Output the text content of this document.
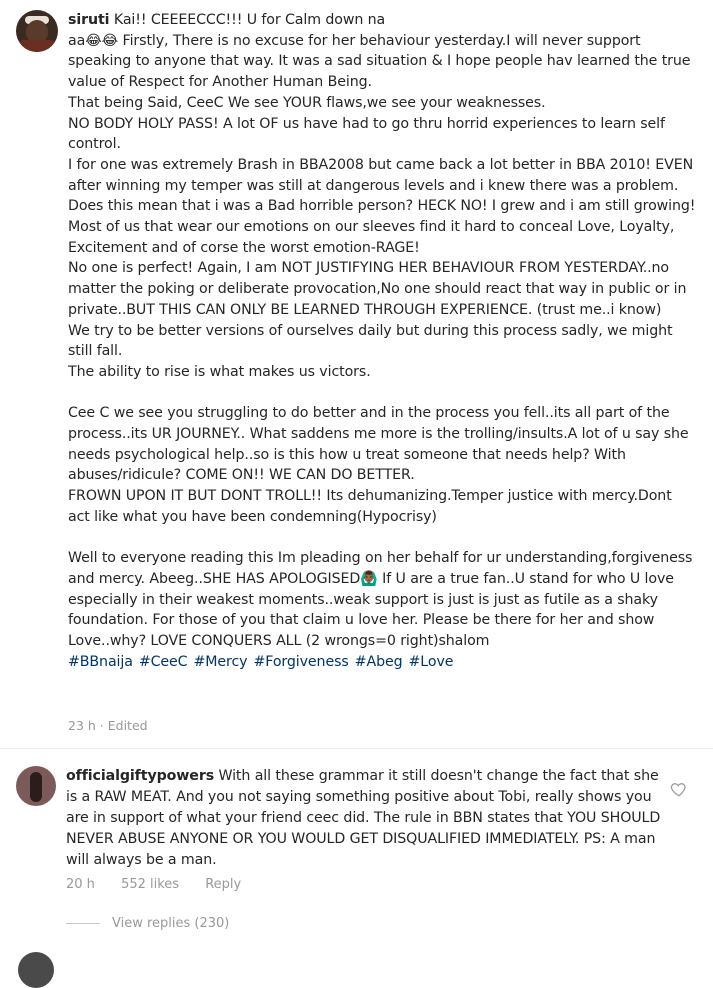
siruti Kai!! CEEEECCC!!! U for Calm down na
aa😂😂 Firstly, There is no excuse for her behaviour yesterday.I will never support speaking to anyone that way. It was a sad situation & I hope people hav learned the true value of Respect for Another Human Being.
That being Said, CeeC We see YOUR flaws,we see your weaknesses.
NO BODY HOLY PASS! A lot OF us have had to go thru horrid experiences to learn self control.
I for one was extremely Brash in BBA2008 but came back a lot better in BBA 2010! EVEN after winning my temper was still at dangerous levels and i knew there was a problem. Does this mean that i was a Bad horrible person? HECK NO! I grew and i am still growing!
Most of us that wear our emotions on our sleeves find it hard to conceal Love, Loyalty, Excitement and of corse the worst emotion-RAGE!
No one is perfect! Again, I am NOT JUSTIFYING HER BEHAVIOUR FROM YESTERDAY..no matter the poking or deliberate provocation,No one should react that way in public or in private..BUT THIS CAN ONLY BE LEARNED THROUGH EXPERIENCE. (trust me..i know)
We try to be better versions of ourselves daily but during this process sadly, we might still fall.
The ability to rise is what makes us victors.

Cee C we see you struggling to do better and in the process you fell..its all part of the process..its UR JOURNEY.. What saddens me more is the trolling/insults.A lot of u say she needs psychological help..so is this how u treat someone that needs help? With abuses/ridicule? COME ON!! WE CAN DO BETTER.
FROWN UPON IT BUT DONT TROLL!! Its dehumanizing.Temper justice with mercy.Dont act like what you have been condemning(Hypocrisy)

Well to everyone reading this Im pleading on her behalf for ur understanding,forgiveness and mercy. Abeeg..SHE HAS APOLOGISED🙆🏾‍♂️ If U are a true fan..U stand for who U love especially in their weakest moments..weak support is just is just as futile as a shaky foundation. For those of you that claim u love her. Please be there for her and show Love..why? LOVE CONQUERS ALL (2 wrongs=0 right)shalom #BBnaija #CeeC #Mercy #Forgiveness #Abeg #Love
23 h · Edited
officialgiftypowers With all these grammar it still doesn't change the fact that she is a RAW MEAT. And you not saying something positive about Tobi, really shows you are in support of what your friend ceec did. The rule in BBN states that YOU SHOULD NEVER ABUSE ANYONE OR YOU WOULD GET DISQUALIFIED IMMEDIATELY. PS: A man will always be a man.
20 h 552 likes Reply
View replies (230)
